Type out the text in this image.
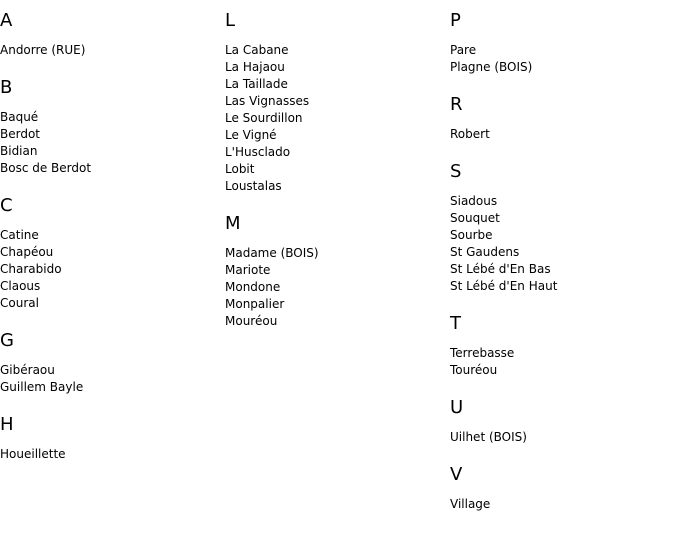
A
Andorre (RUE)
B
Baqué
Berdot
Bidian
Bosc de Berdot
C
Catine
Chapéou
Charabido
Claous
Coural
G
Gibéraou
Guillem Bayle
H
Houeillette
L
La Cabane
La Hajaou
La Taillade
Las Vignasses
Le Sourdillon
Le Vigné
L'Husclado
Lobit
Loustalas
M
Madame (BOIS)
Mariote
Mondone
Monpalier
Mouréou
P
Pare
Plagne (BOIS)
R
Robert
S
Siadous
Souquet
Sourbe
St Gaudens
St Lébé d'En Bas
St Lébé d'En Haut
T
Terrebasse
Touréou
U
Uilhet (BOIS)
V
Village
